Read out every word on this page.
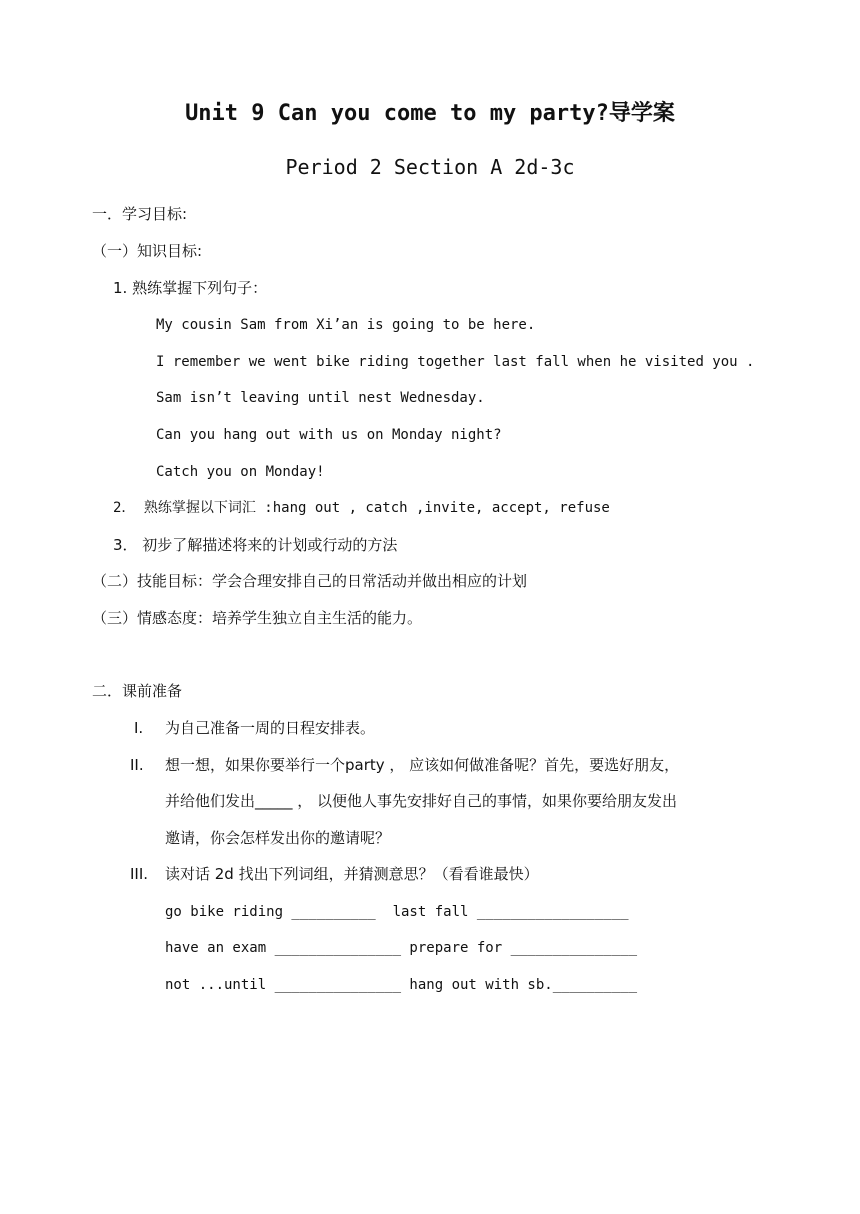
Unit 9 Can you come to my party?导学案
Period 2 Section A 2d-3c
一．学习目标:
（一）知识目标:
1. 熟练掌握下列句子：
My cousin Sam from Xi’an is going to be here.
I remember we went bike riding together last fall when he visited you .
Sam isn’t leaving until nest Wednesday.
Can you hang out with us on Monday night?
Catch you on Monday!
2． 熟练掌握以下词汇 :hang out , catch ,invite, accept, refuse
3． 初步了解描述将来的计划或行动的方法
（二）技能目标：学会合理安排自己的日常活动并做出相应的计划
（三）情感态度：培养学生独立自主生活的能力。
二．课前准备
I. 为自己准备一周的日程安排表。
II. 想一想，如果你要举行一个party ， 应该如何做准备呢？首先，要选好朋友，
并给他们发出_____ ， 以便他人事先安排好自己的事情，如果你要给朋友发出
邀请，你会怎样发出你的邀请呢？
III. 读对话 2d 找出下列词组，并猜测意思？（看看谁最快）
go bike riding __________  last fall __________________
have an exam _______________ prepare for _______________
not ...until _______________ hang out with sb.__________
